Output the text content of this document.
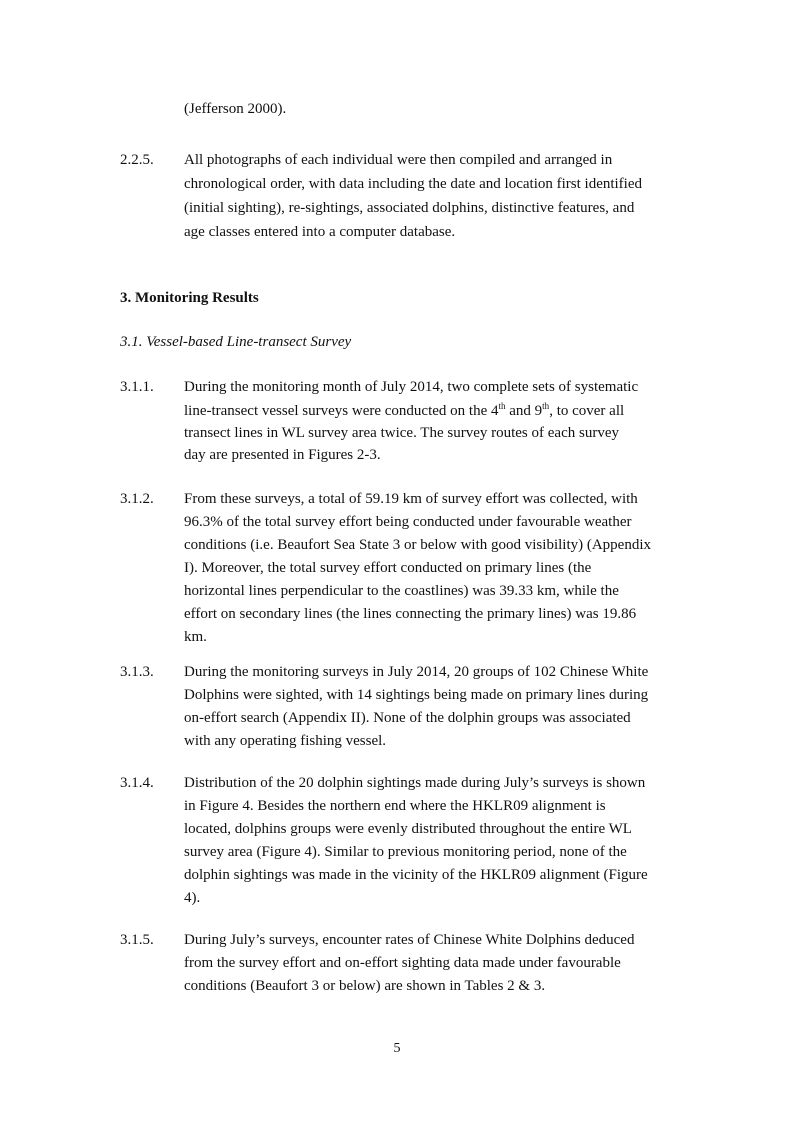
(Jefferson 2000).
2.2.5. All photographs of each individual were then compiled and arranged in
chronological order, with data including the date and location first identified
(initial sighting), re-sightings, associated dolphins, distinctive features, and
age classes entered into a computer database.
3. Monitoring Results
3.1. Vessel-based Line-transect Survey
3.1.1. During the monitoring month of July 2014, two complete sets of systematic
line-transect vessel surveys were conducted on the 4th and 9th, to cover all
transect lines in WL survey area twice. The survey routes of each survey
day are presented in Figures 2-3.
3.1.2. From these surveys, a total of 59.19 km of survey effort was collected, with
96.3% of the total survey effort being conducted under favourable weather
conditions (i.e. Beaufort Sea State 3 or below with good visibility) (Appendix
I). Moreover, the total survey effort conducted on primary lines (the
horizontal lines perpendicular to the coastlines) was 39.33 km, while the
effort on secondary lines (the lines connecting the primary lines) was 19.86
km.
3.1.3. During the monitoring surveys in July 2014, 20 groups of 102 Chinese White
Dolphins were sighted, with 14 sightings being made on primary lines during
on-effort search (Appendix II). None of the dolphin groups was associated
with any operating fishing vessel.
3.1.4. Distribution of the 20 dolphin sightings made during July’s surveys is shown
in Figure 4. Besides the northern end where the HKLR09 alignment is
located, dolphins groups were evenly distributed throughout the entire WL
survey area (Figure 4). Similar to previous monitoring period, none of the
dolphin sightings was made in the vicinity of the HKLR09 alignment (Figure
4).
3.1.5. During July’s surveys, encounter rates of Chinese White Dolphins deduced
from the survey effort and on-effort sighting data made under favourable
conditions (Beaufort 3 or below) are shown in Tables 2 & 3.
5
